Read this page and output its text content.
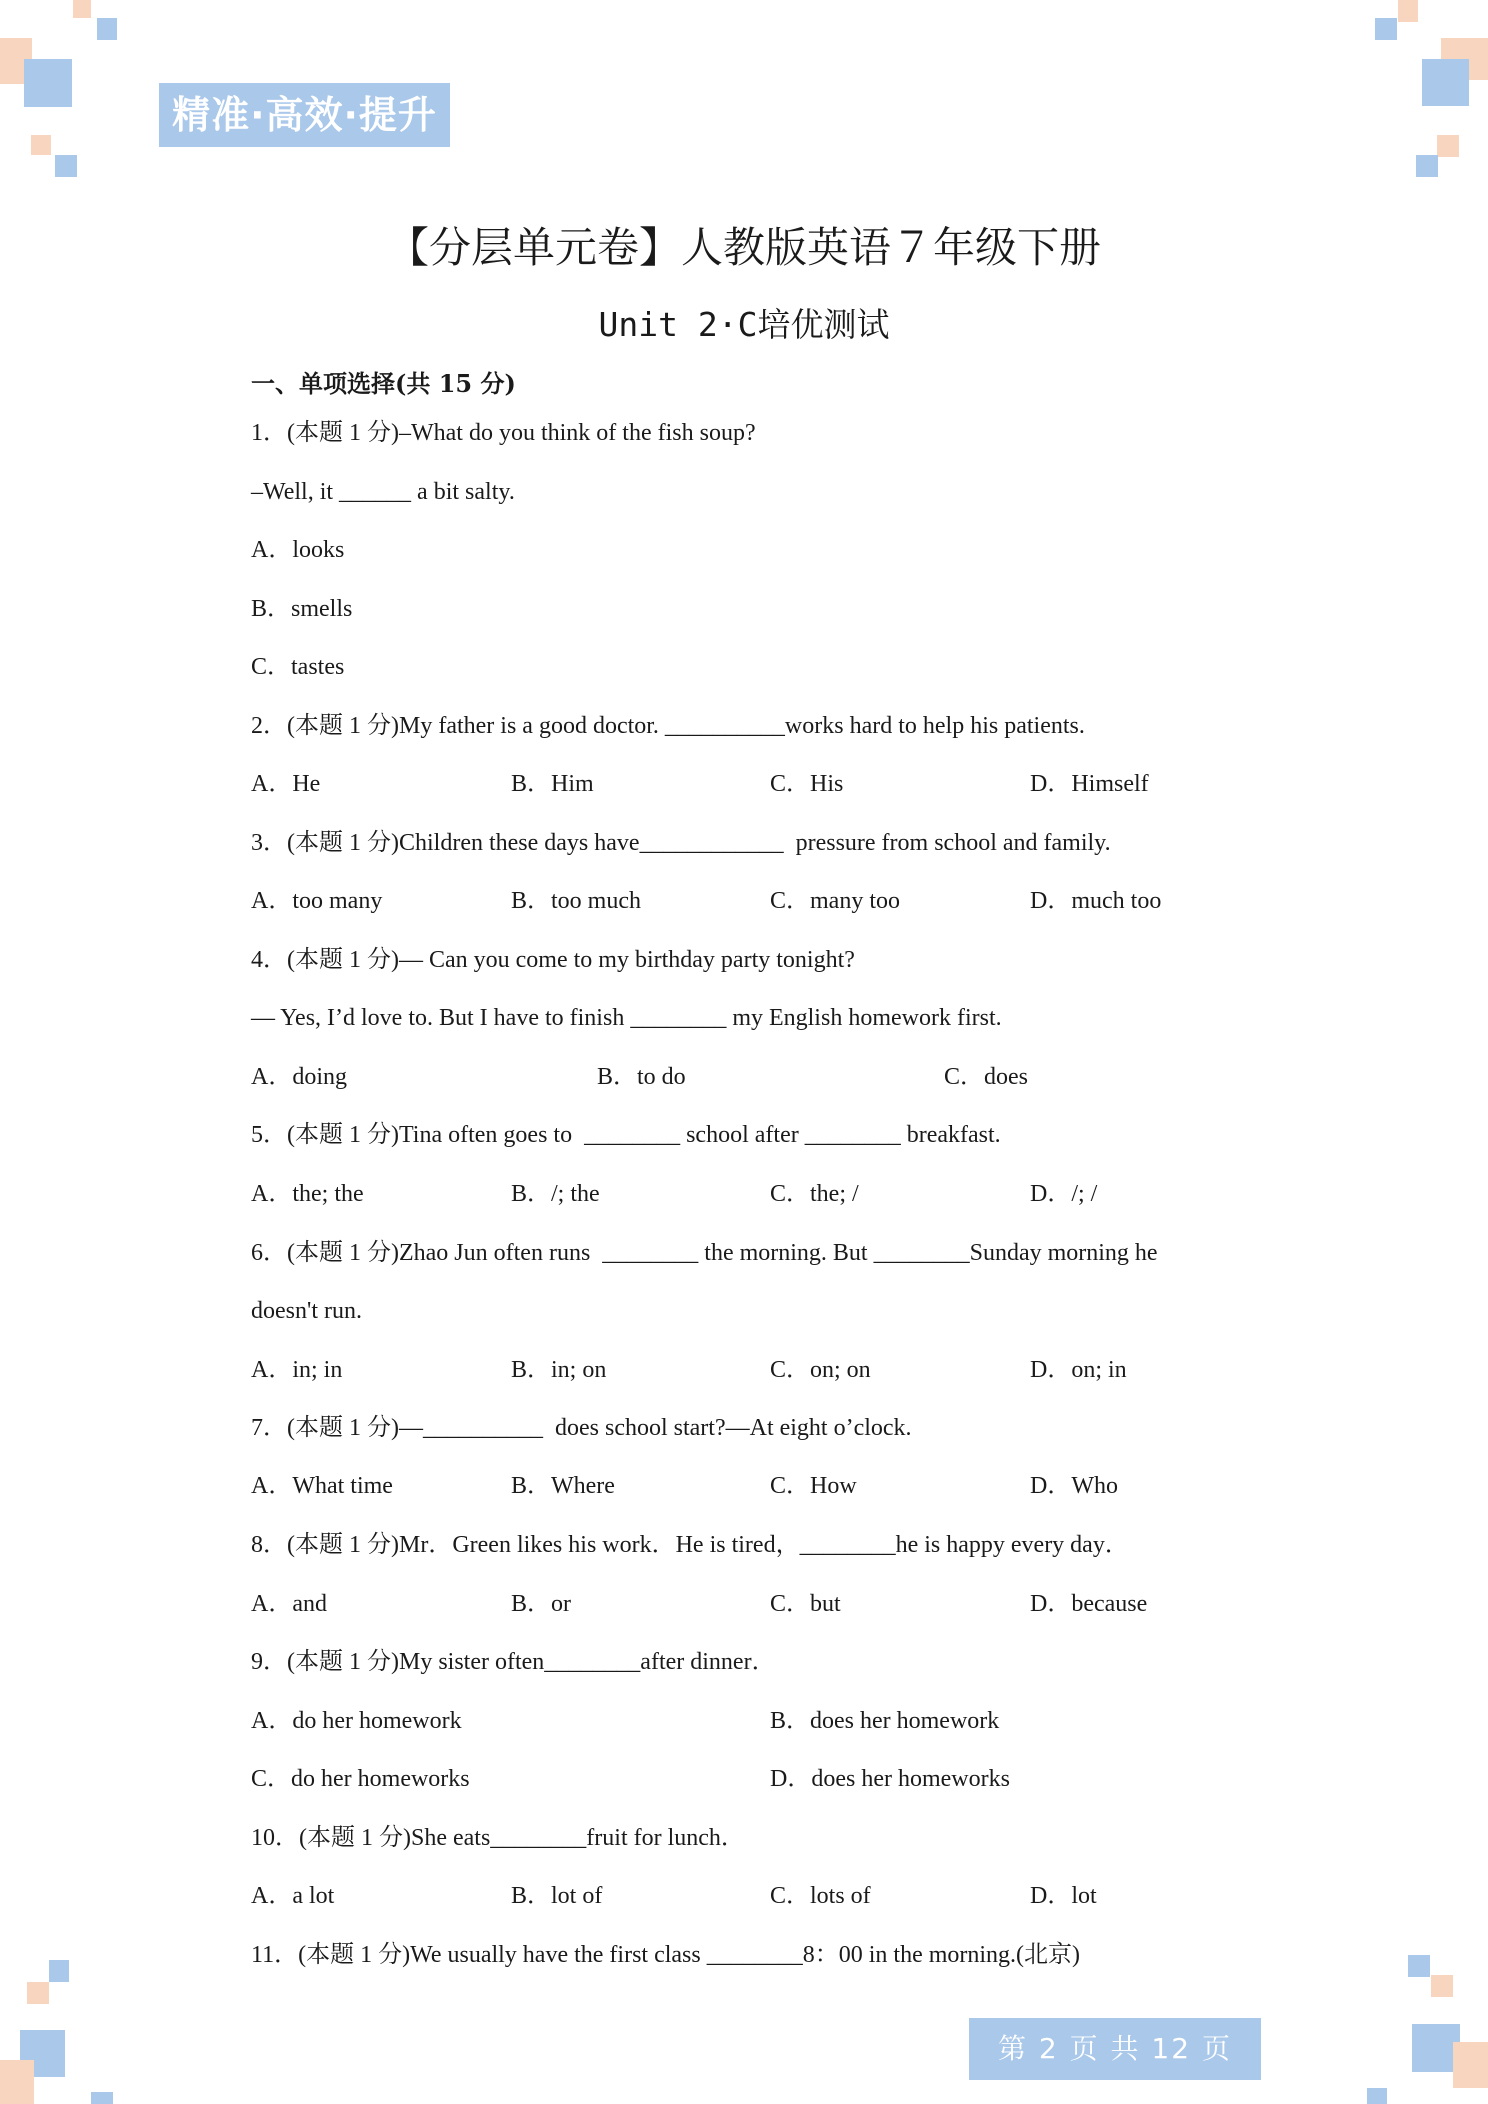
精准·高效·提升
【分层单元卷】人教版英语７年级下册
Unit 2·C培优测试
一、单项选择(共 15 分)
1．(本题 1 分)–What do you think of the fish soup?
–Well, it ______ a bit salty.
A．looks
B．smells
C．tastes
2．(本题 1 分)My father is a good doctor. __________works hard to help his patients.
A．He	B．Him	C．His	D．Himself
3．(本题 1 分)Children these days have____________  pressure from school and family.
A．too many	B．too much	C．many too	D．much too
4．(本题 1 分)— Can you come to my birthday party tonight?
— Yes, I’d love to. But I have to finish ________ my English homework first.
A．doing	B．to do	C．does
5．(本题 1 分)Tina often goes to  ________ school after ________ breakfast.
A．the; the	B．/; the	C．the; /	D．/; /
6．(本题 1 分)Zhao Jun often runs  ________ the morning. But ________Sunday morning he
doesn't run.
A．in; in	B．in; on	C．on; on	D．on; in
7．(本题 1 分)—__________  does school start?—At eight o’clock.
A．What time	B．Where	C．How	D．Who
8．(本题 1 分)Mr．Green likes his work．He is tired，________he is happy every day．
A．and	B．or	C．but	D．because
9．(本题 1 分)My sister often________after dinner．
A．do her homework	B．does her homework
C．do her homeworks	D．does her homeworks
10．(本题 1 分)She eats________fruit for lunch．
A．a lot	B．lot of	C．lots of	D．lot
11．(本题 1 分)We usually have the first class ________8：00 in the morning.(北京)
第 2 页 共 12 页
